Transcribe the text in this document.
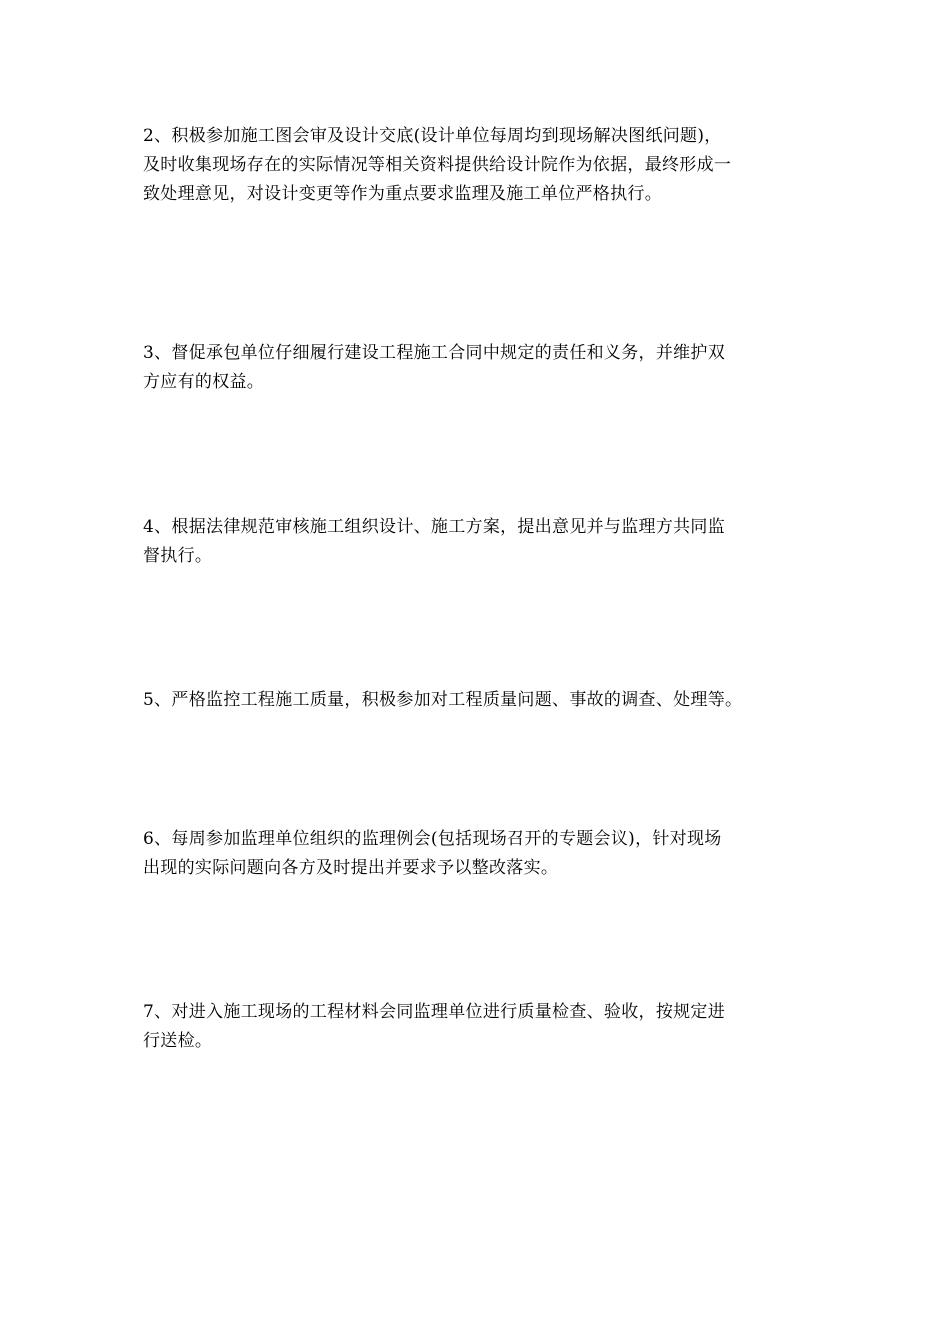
2、积极参加施工图会审及设计交底(设计单位每周均到现场解决图纸问题)，
及时收集现场存在的实际情况等相关资料提供给设计院作为依据，最终形成一
致处理意见，对设计变更等作为重点要求监理及施工单位严格执行。

3、督促承包单位仔细履行建设工程施工合同中规定的责任和义务，并维护双
方应有的权益。

4、根据法律规范审核施工组织设计、施工方案，提出意见并与监理方共同监
督执行。

5、严格监控工程施工质量，积极参加对工程质量问题、事故的调查、处理等。

6、每周参加监理单位组织的监理例会(包括现场召开的专题会议)，针对现场
出现的实际问题向各方及时提出并要求予以整改落实。

7、对进入施工现场的工程材料会同监理单位进行质量检查、验收，按规定进
行送检。
